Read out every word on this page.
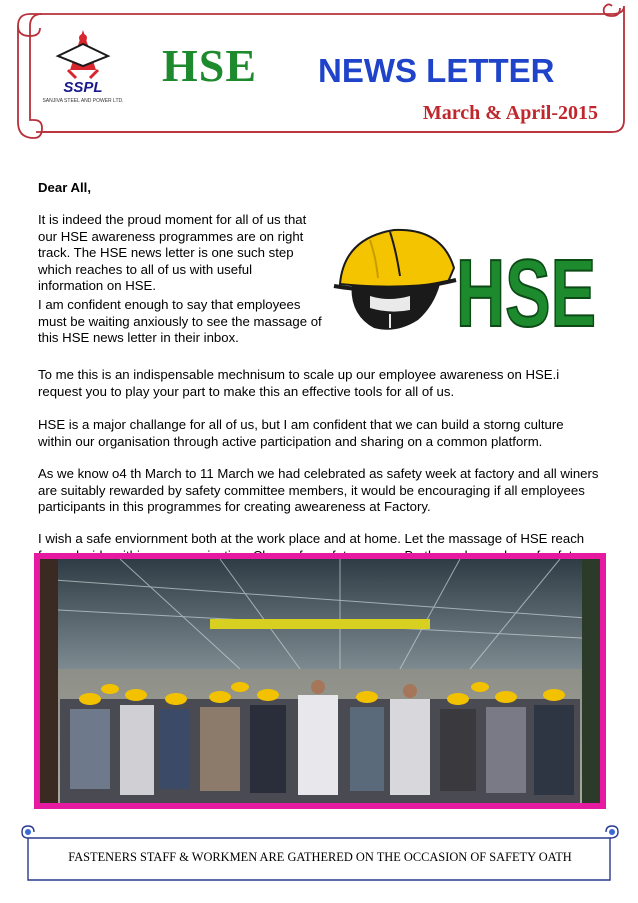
SSPL
SANJIVA STEEL AND POWER LTD.
HSE NEWS LETTER
March & April-2015
Dear All,
It is indeed the proud moment for all of us that our HSE awareness programmes are on right track. The HSE news letter is one such step which reaches to all of us with useful information on HSE.
I am confident enough to say that employees must be waiting anxiously to see the massage of this HSE news letter in their inbox.	HSE
To me this is an indispensable mechnisum to scale up our employee awareness on HSE.i request you to play your part to make this an effective tools for all of us.
HSE is a major challange for all of us, but I am confident that we can build a storng culture within our organisation through active participation and sharing on a common platform.
As we know o4 th March to 11 March we had celebrated as safety week at factory and all winers are suitably rewarded by safety committee members, it would be encouraging if all employees participants in this programmes for creating aweareness at Factory.
I wish a safe enviornment both at the work place and at home. Let the massage of HSE reach
FASTENERS STAFF & WORKMEN ARE GATHERED ON THE OCCASION OF SAFETY OATH
